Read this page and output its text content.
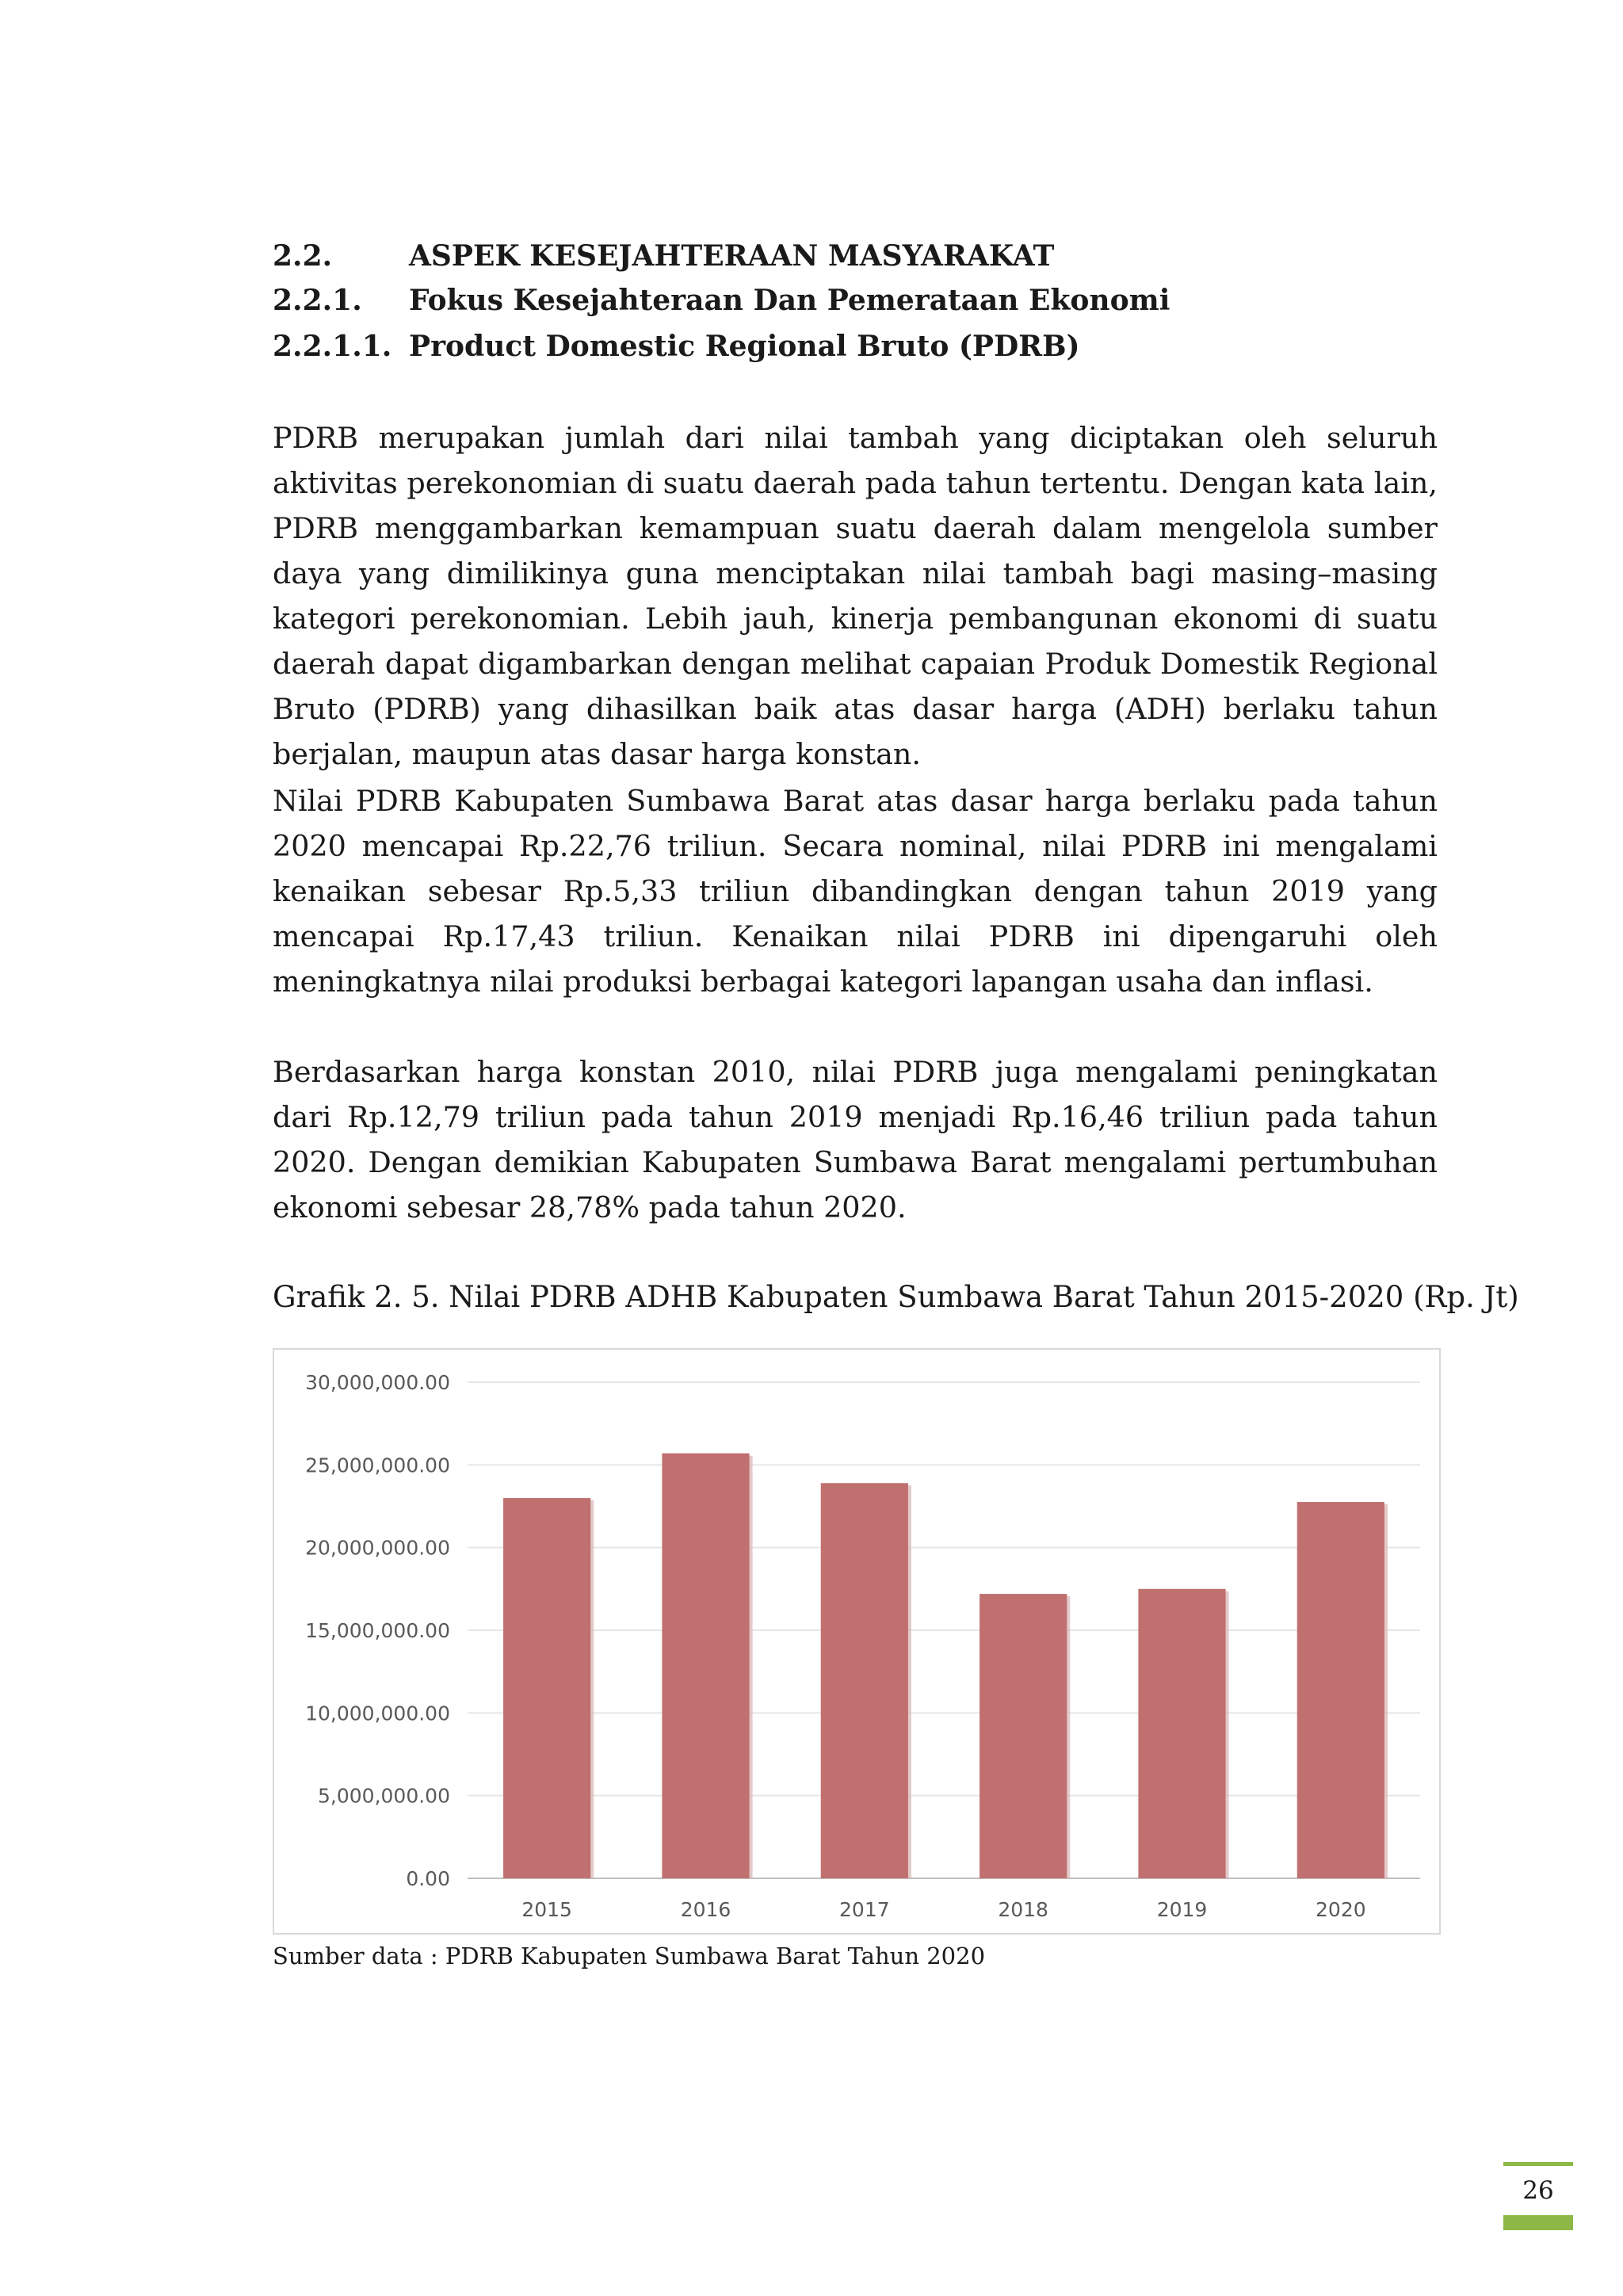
2.2.	ASPEK KESEJAHTERAAN MASYARAKAT
2.2.1. Fokus Kesejahteraan Dan Pemerataan Ekonomi
2.2.1.1. Product Domestic Regional Bruto (PDRB)

PDRB merupakan jumlah dari nilai tambah yang diciptakan oleh seluruh aktivitas perekonomian di suatu daerah pada tahun tertentu. Dengan kata lain, PDRB menggambarkan kemampuan suatu daerah dalam mengelola sumber daya yang dimilikinya guna menciptakan nilai tambah bagi masing–masing kategori perekonomian. Lebih jauh, kinerja pembangunan ekonomi di suatu daerah dapat digambarkan dengan melihat capaian Produk Domestik Regional Bruto (PDRB) yang dihasilkan baik atas dasar harga (ADH) berlaku tahun berjalan, maupun atas dasar harga konstan.

Nilai PDRB Kabupaten Sumbawa Barat atas dasar harga berlaku pada tahun 2020 mencapai Rp.22,76 triliun. Secara nominal, nilai PDRB ini mengalami kenaikan sebesar Rp.5,33 triliun dibandingkan dengan tahun 2019 yang mencapai Rp.17,43 triliun. Kenaikan nilai PDRB ini dipengaruhi oleh meningkatnya nilai produksi berbagai kategori lapangan usaha dan inflasi.

Berdasarkan harga konstan 2010, nilai PDRB juga mengalami peningkatan dari Rp.12,79 triliun pada tahun 2019 menjadi Rp.16,46 triliun pada tahun 2020. Dengan demikian Kabupaten Sumbawa Barat mengalami pertumbuhan ekonomi sebesar 28,78% pada tahun 2020.

Grafik 2. 5. Nilai PDRB ADHB Kabupaten Sumbawa Barat Tahun 2015-2020 (Rp. Jt)
0.00
5,000,000.00
10,000,000.00
15,000,000.00
20,000,000.00
25,000,000.00
30,000,000.00
2015	2016	2017	2018	2019	2020
Sumber data : PDRB Kabupaten Sumbawa Barat Tahun 2020
26
